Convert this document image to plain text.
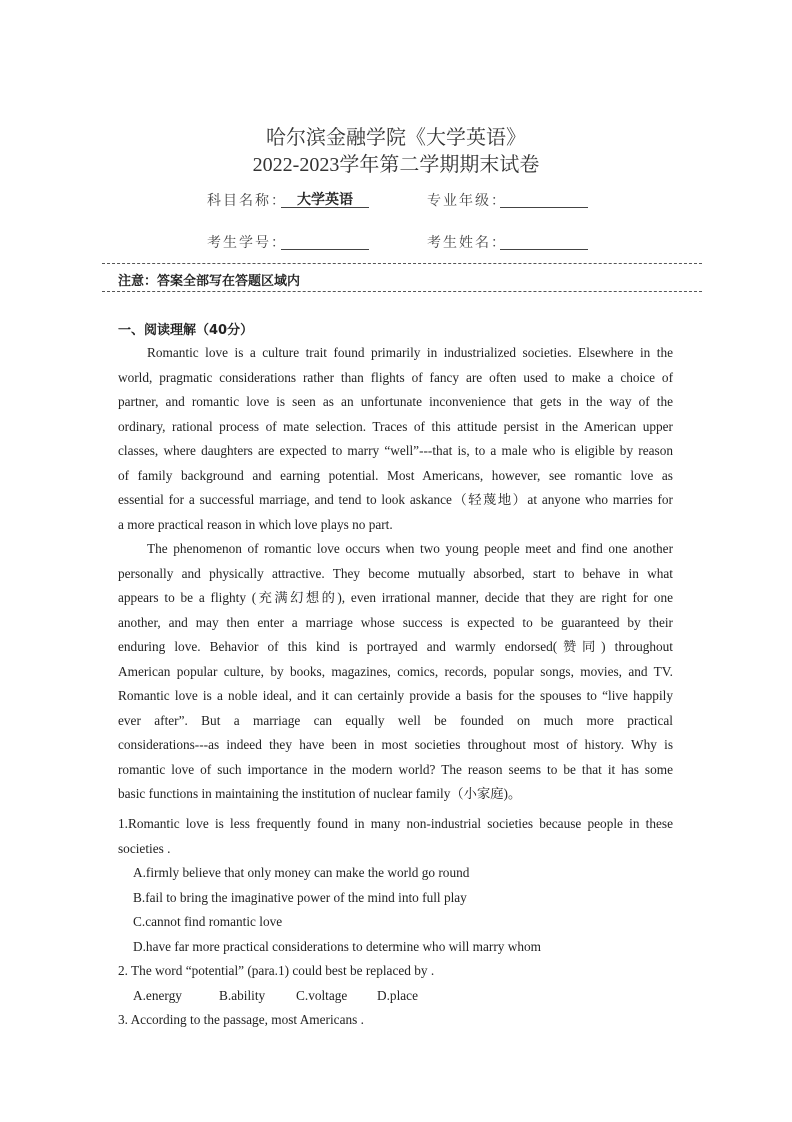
哈尔滨金融学院《大学英语》
2022-2023学年第二学期期末试卷
科目名称： 大学英语	专业年级：
考生学号：	考生姓名：
注意：答案全部写在答题区域内
一、阅读理解（40分）
Romantic love is a culture trait found primarily in industrialized societies. Elsewhere in the
world, pragmatic considerations rather than flights of fancy are often used to make a choice of
partner, and romantic love is seen as an unfortunate inconvenience that gets in the way of the
ordinary, rational process of mate selection. Traces of this attitude persist in the American upper
classes, where daughters are expected to marry “well”---that is, to a male who is eligible by reason
of family background and earning potential. Most Americans, however, see romantic love as
essential for a successful marriage, and tend to look askance（轻蔑地）at anyone who marries for
a more practical reason in which love plays no part.
The phenomenon of romantic love occurs when two young people meet and find one another
personally and physically attractive. They become mutually absorbed, start to behave in what
appears to be a flighty (充满幻想的), even irrational manner, decide that they are right for one
another, and may then enter a marriage whose success is expected to be guaranteed by their
enduring love. Behavior of this kind is portrayed and warmly endorsed(赞同) throughout
American popular culture, by books, magazines, comics, records, popular songs, movies, and TV.
Romantic love is a noble ideal, and it can certainly provide a basis for the spouses to “live happily
ever after”. But a marriage can equally well be founded on much more practical
considerations---as indeed they have been in most societies throughout most of history. Why is
romantic love of such importance in the modern world? The reason seems to be that it has some
basic functions in maintaining the institution of nuclear family（小家庭)。
1.Romantic love is less frequently found in many non-industrial societies because people in these
societies .
A.firmly believe that only money can make the world go round
B.fail to bring the imaginative power of the mind into full play
C.cannot find romantic love
D.have far more practical considerations to determine who will marry whom
2. The word “potential” (para.1) could best be replaced by .
A.energy	B.ability C.voltage D.place
3. According to the passage, most Americans .
